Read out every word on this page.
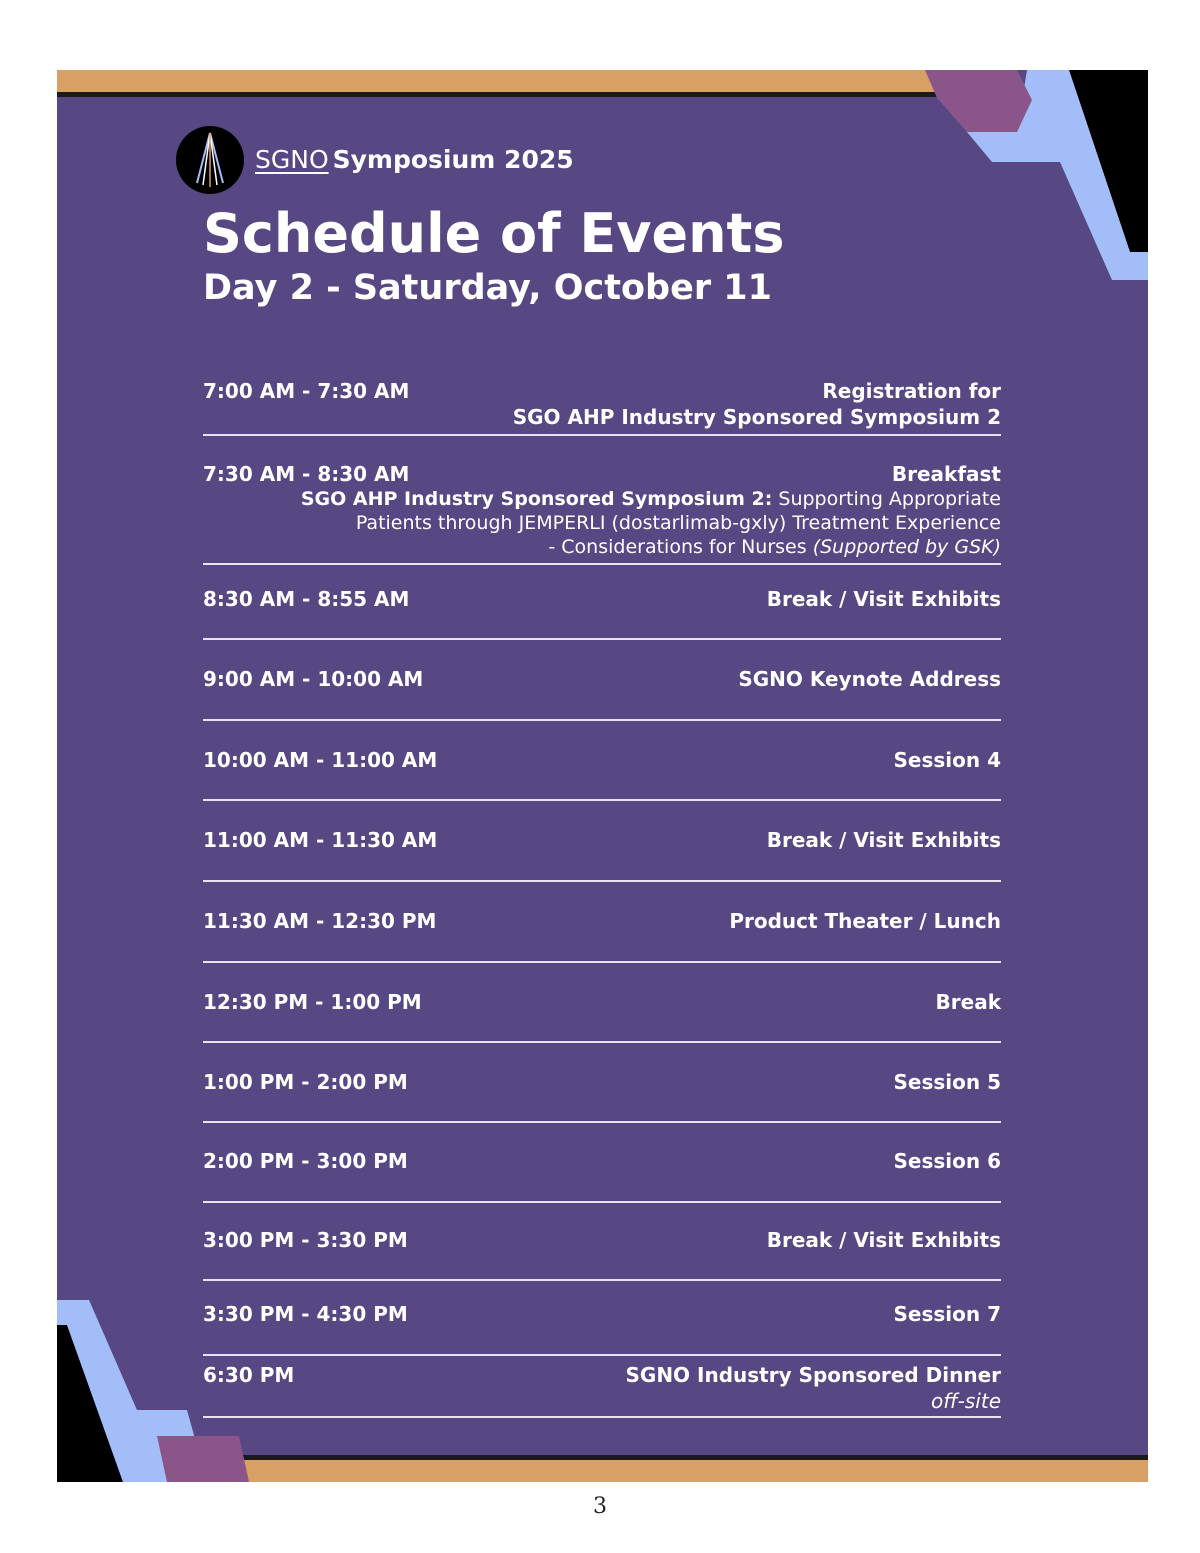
SGNO Symposium 2025
Schedule of Events
Day 2 - Saturday, October 11
7:00 AM - 7:30 AM	Registration for
SGO AHP Industry Sponsored Symposium 2
7:30 AM - 8:30 AM	Breakfast
SGO AHP Industry Sponsored Symposium 2: Supporting Appropriate
Patients through JEMPERLI (dostarlimab-gxly) Treatment Experience
- Considerations for Nurses (Supported by GSK)
8:30 AM - 8:55 AM	Break / Visit Exhibits
9:00 AM - 10:00 AM	SGNO Keynote Address
10:00 AM - 11:00 AM	Session 4
11:00 AM - 11:30 AM	Break / Visit Exhibits
11:30 AM - 12:30 PM	Product Theater / Lunch
12:30 PM - 1:00 PM	Break
1:00 PM - 2:00 PM	Session 5
2:00 PM - 3:00 PM	Session 6
3:00 PM - 3:30 PM	Break / Visit Exhibits
3:30 PM - 4:30 PM	Session 7
6:30 PM	SGNO Industry Sponsored Dinner
off-site
3
